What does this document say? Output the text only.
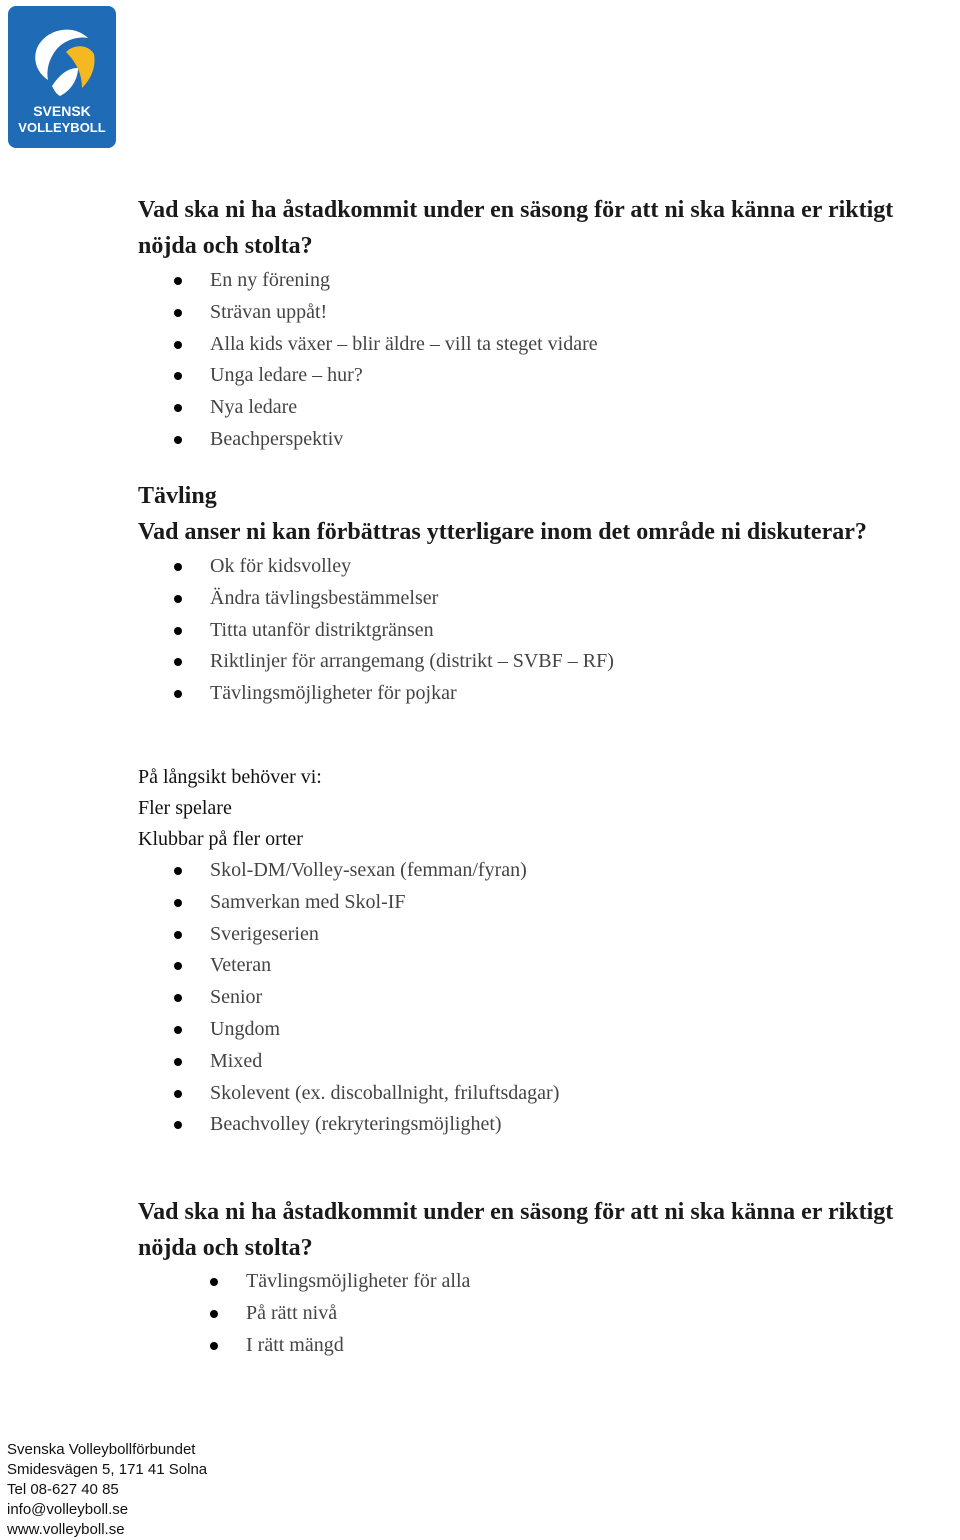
SVENSK
VOLLEYBOLL
Vad ska ni ha åstadkommit under en säsong för att ni ska känna er riktigt
nöjda och stolta?
En ny förening
Strävan uppåt!
Alla kids växer – blir äldre – vill ta steget vidare
Unga ledare – hur?
Nya ledare
Beachperspektiv
Tävling
Vad anser ni kan förbättras ytterligare inom det område ni diskuterar?
Ok för kidsvolley
Ändra tävlingsbestämmelser
Titta utanför distriktgränsen
Riktlinjer för arrangemang (distrikt – SVBF – RF)
Tävlingsmöjligheter för pojkar
På långsikt behöver vi:
Fler spelare
Klubbar på fler orter
Skol-DM/Volley-sexan (femman/fyran)
Samverkan med Skol-IF
Sverigeserien
Veteran
Senior
Ungdom
Mixed
Skolevent (ex. discoballnight, friluftsdagar)
Beachvolley (rekryteringsmöjlighet)
Vad ska ni ha åstadkommit under en säsong för att ni ska känna er riktigt
nöjda och stolta?
Tävlingsmöjligheter för alla
På rätt nivå
I rätt mängd
Svenska Volleybollförbundet
Smidesvägen 5, 171 41 Solna
Tel 08-627 40 85
info@volleyboll.se
www.volleyboll.se
